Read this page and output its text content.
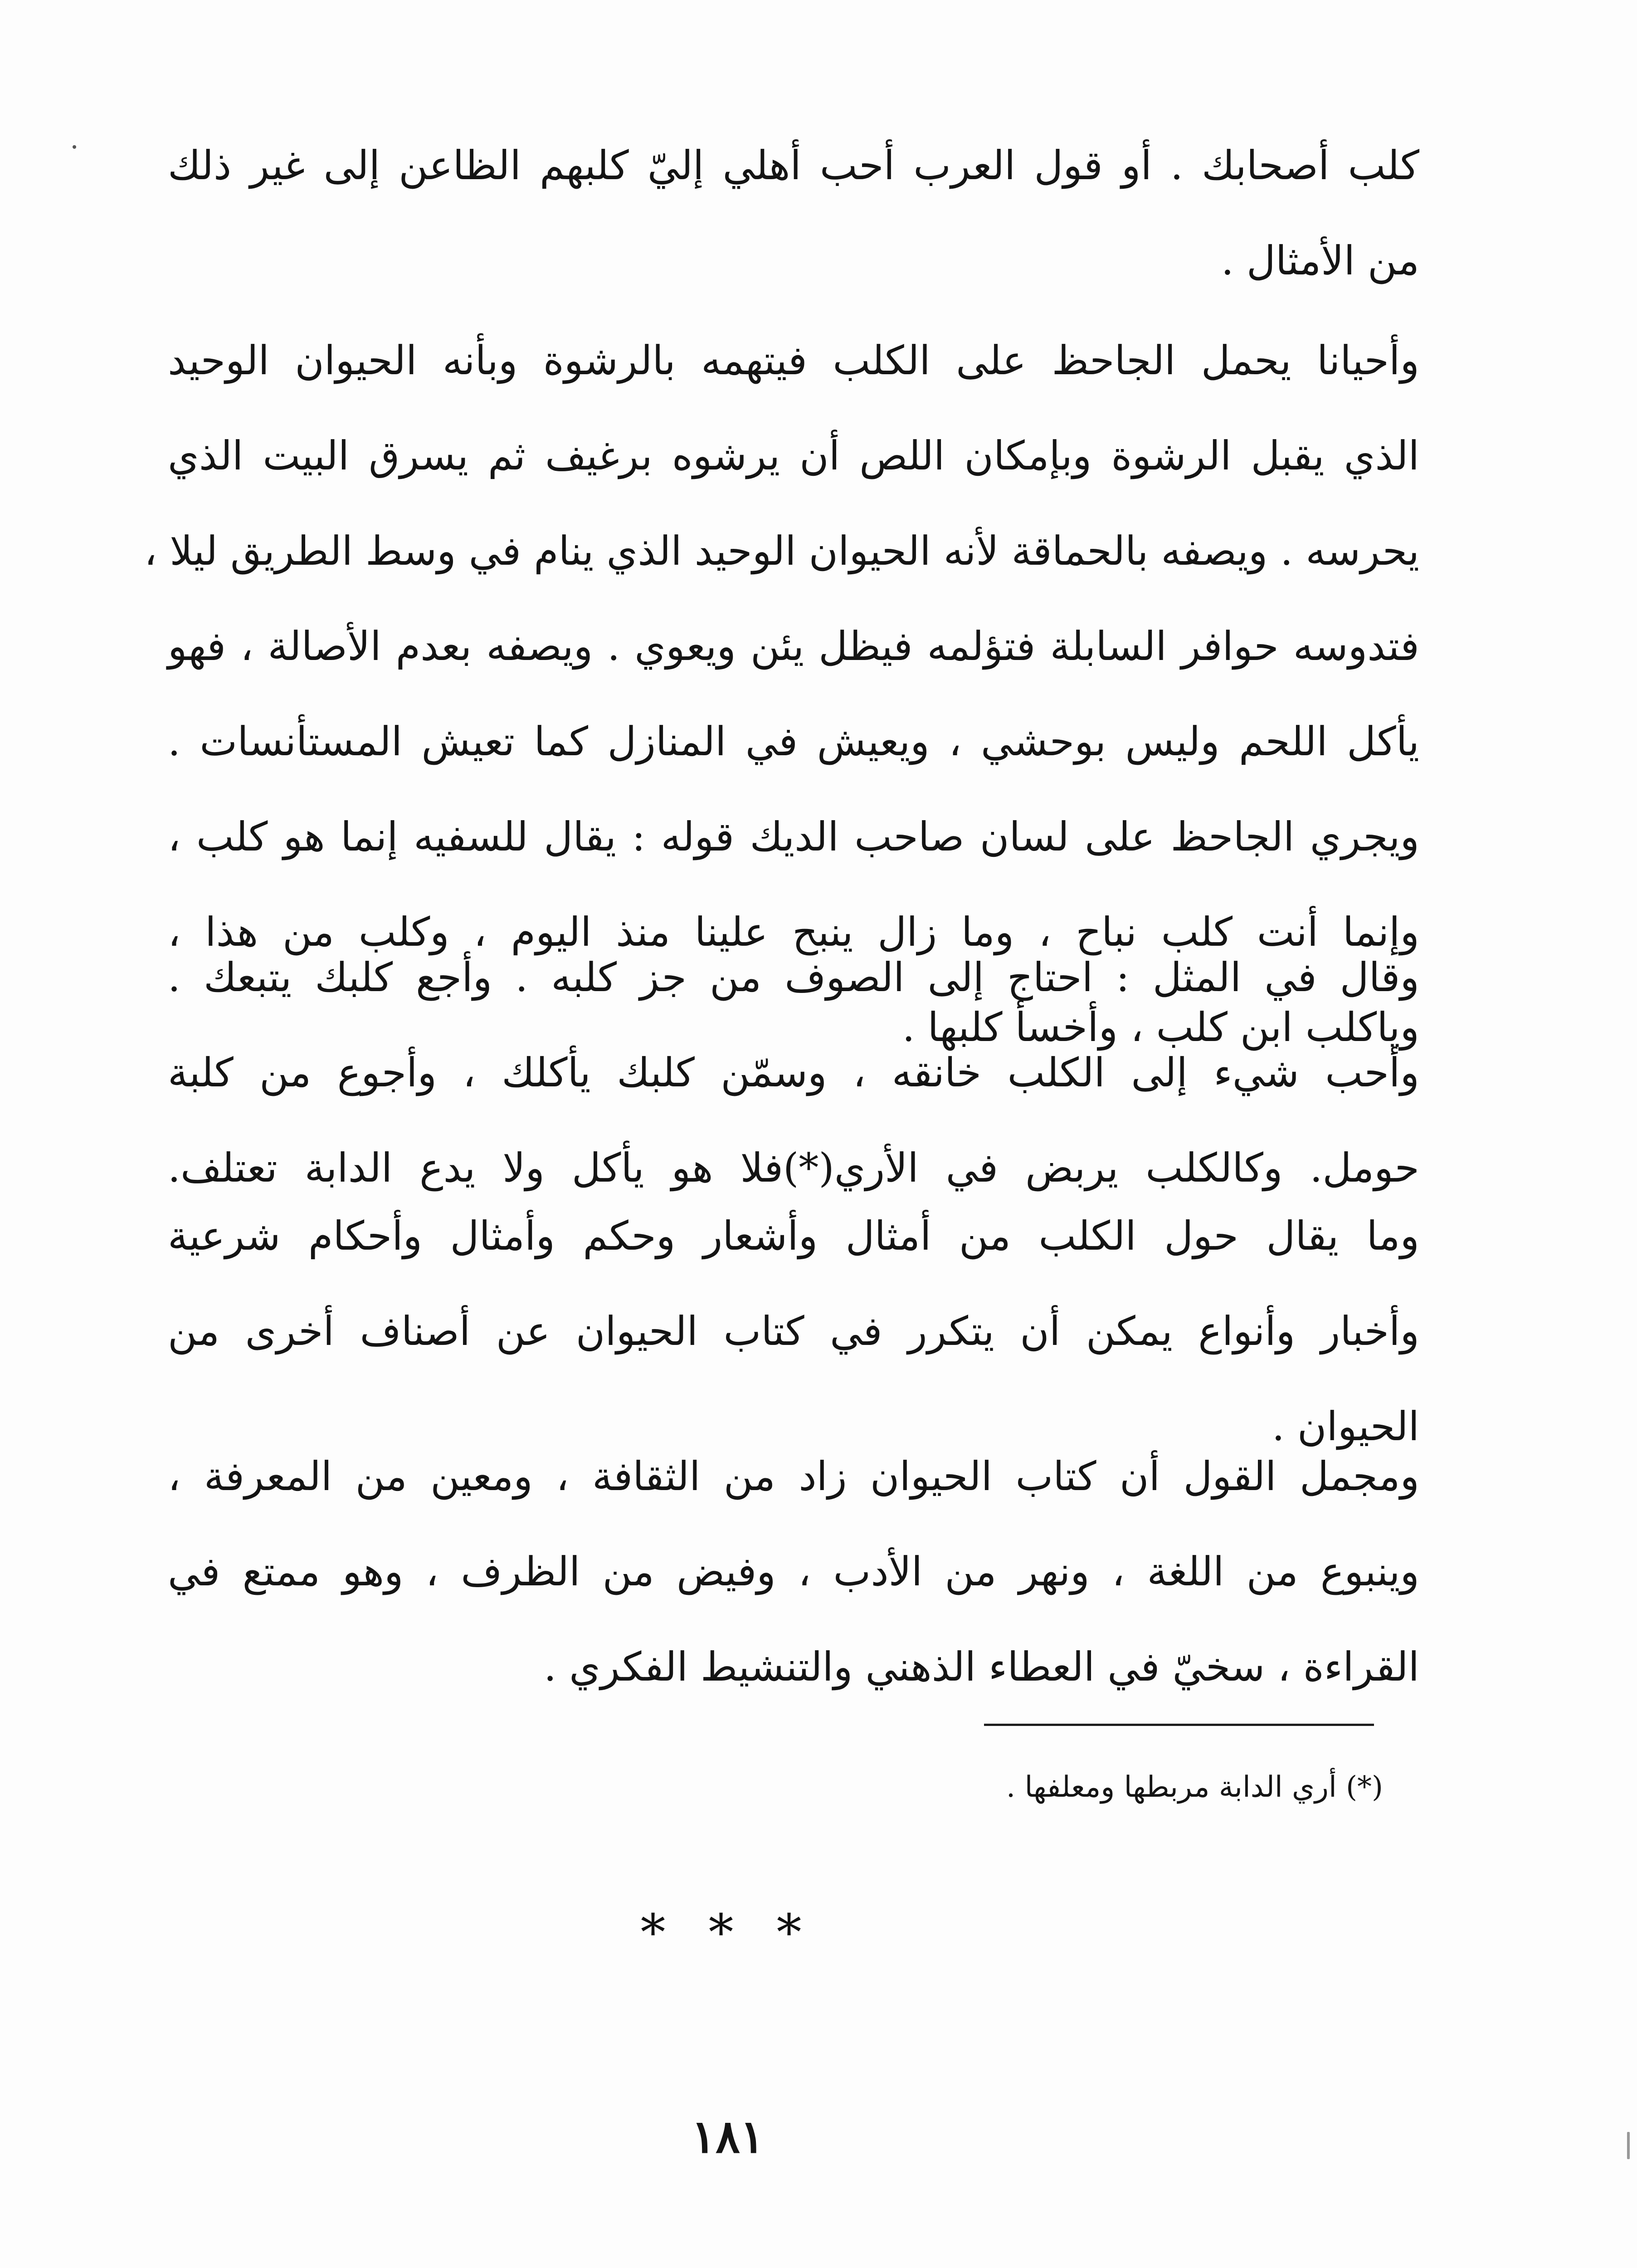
كلب أصحابك . أو قول العرب أحب أهلي إليّ كلبهم الظاعن إلى غير ذلك
من الأمثال .
وأحيانا يحمل الجاحظ على الكلب فيتهمه بالرشوة وبأنه الحيوان الوحيد
الذي يقبل الرشوة وبإمكان اللص أن يرشوه برغيف ثم يسرق البيت الذي
يحرسه . ويصفه بالحماقة لأنه الحيوان الوحيد الذي ينام في وسط الطريق ليلا ،
فتدوسه حوافر السابلة فتؤلمه فيظل يئن ويعوي . ويصفه بعدم الأصالة ، فهو
يأكل اللحم وليس بوحشي ، ويعيش في المنازل كما تعيش المستأنسات .
ويجري الجاحظ على لسان صاحب الديك قوله : يقال للسفيه إنما هو كلب ،
وإنما أنت كلب نباح ، وما زال ينبح علينا منذ اليوم ، وكلب من هذا ،
وياكلب ابن كلب ، وأخسأ كلبها .
وقال في المثل : احتاج إلى الصوف من جز كلبه . وأجع كلبك يتبعك .
وأحب شيء إلى الكلب خانقه ، وسمّن كلبك يأكلك ، وأجوع من كلبة
حومل. وكالكلب يربض في الأري(*)فلا هو يأكل ولا يدع الدابة تعتلف.
وما يقال حول الكلب من أمثال وأشعار وحكم وأمثال وأحكام شرعية
وأخبار وأنواع يمكن أن يتكرر في كتاب الحيوان عن أصناف أخرى من
الحيوان .
ومجمل القول أن كتاب الحيوان زاد من الثقافة ، ومعين من المعرفة ،
وينبوع من اللغة ، ونهر من الأدب ، وفيض من الظرف ، وهو ممتع في
القراءة ، سخيّ في العطاء الذهني والتنشيط الفكري .
(*) أري الدابة مربطها ومعلفها .
* * *
١٨١
